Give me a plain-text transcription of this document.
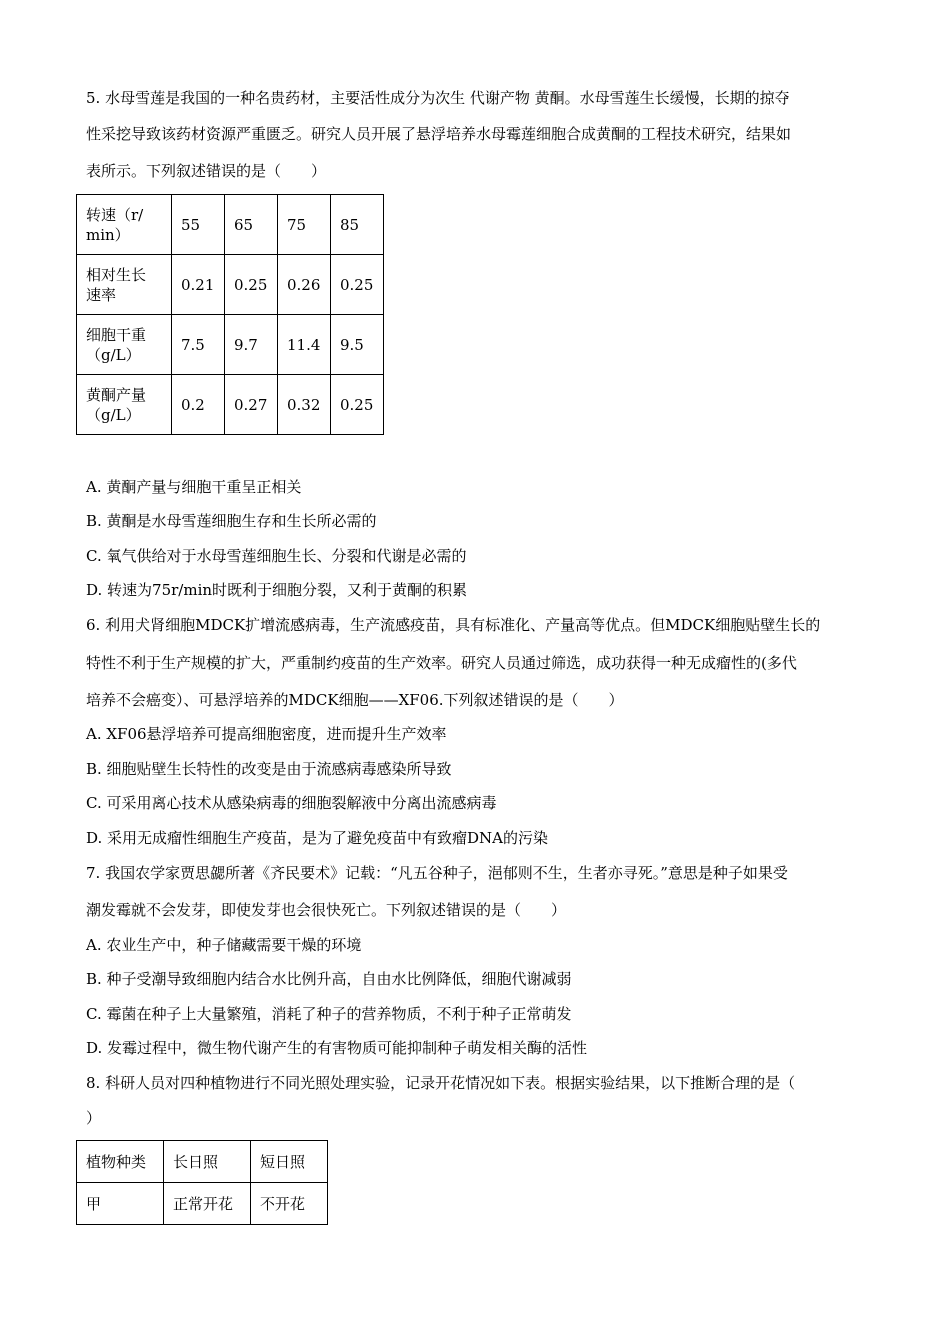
5. 水母雪莲是我国的一种名贵药材，主要活性成分为次生 代谢产物 黄酮。水母雪莲生长缓慢，长期的掠夺
性采挖导致该药材资源严重匮乏。研究人员开展了悬浮培养水母霉莲细胞合成黄酮的工程技术研究，结果如
表所示。下列叙述错误的是（　　）
转速（r/
min）	55	65	75	85
相对生长
速率	0.21	0.25	0.26	0.25
细胞干重
（g/L）	7.5	9.7	11.4	9.5
黄酮产量
（g/L）	0.2	0.27	0.32	0.25
A. 黄酮产量与细胞干重呈正相关
B. 黄酮是水母雪莲细胞生存和生长所必需的
C. 氧气供给对于水母雪莲细胞生长、分裂和代谢是必需的
D. 转速为75r/min时既利于细胞分裂，又利于黄酮的积累
6. 利用犬肾细胞MDCK扩增流感病毒，生产流感疫苗，具有标准化、产量高等优点。但MDCK细胞贴壁生长的
特性不利于生产规模的扩大，严重制约疫苗的生产效率。研究人员通过筛选，成功获得一种无成瘤性的(多代
培养不会癌变）、可悬浮培养的MDCK细胞——XF06.下列叙述错误的是（　　）
A. XF06悬浮培养可提高细胞密度，进而提升生产效率
B. 细胞贴壁生长特性的改变是由于流感病毒感染所导致
C. 可采用离心技术从感染病毒的细胞裂解液中分离出流感病毒
D. 采用无成瘤性细胞生产疫苗，是为了避免疫苗中有致瘤DNA的污染
7. 我国农学家贾思勰所著《齐民要术》记载：“凡五谷种子，浥郁则不生，生者亦寻死。”意思是种子如果受
潮发霉就不会发芽，即使发芽也会很快死亡。下列叙述错误的是（　　）
A. 农业生产中，种子储藏需要干燥的环境
B. 种子受潮导致细胞内结合水比例升高，自由水比例降低，细胞代谢减弱
C. 霉菌在种子上大量繁殖，消耗了种子的营养物质，不利于种子正常萌发
D. 发霉过程中，微生物代谢产生的有害物质可能抑制种子萌发相关酶的活性
8. 科研人员对四种植物进行不同光照处理实验，记录开花情况如下表。根据实验结果，以下推断合理的是（
）
植物种类	长日照	短日照
甲	正常开花	不开花
